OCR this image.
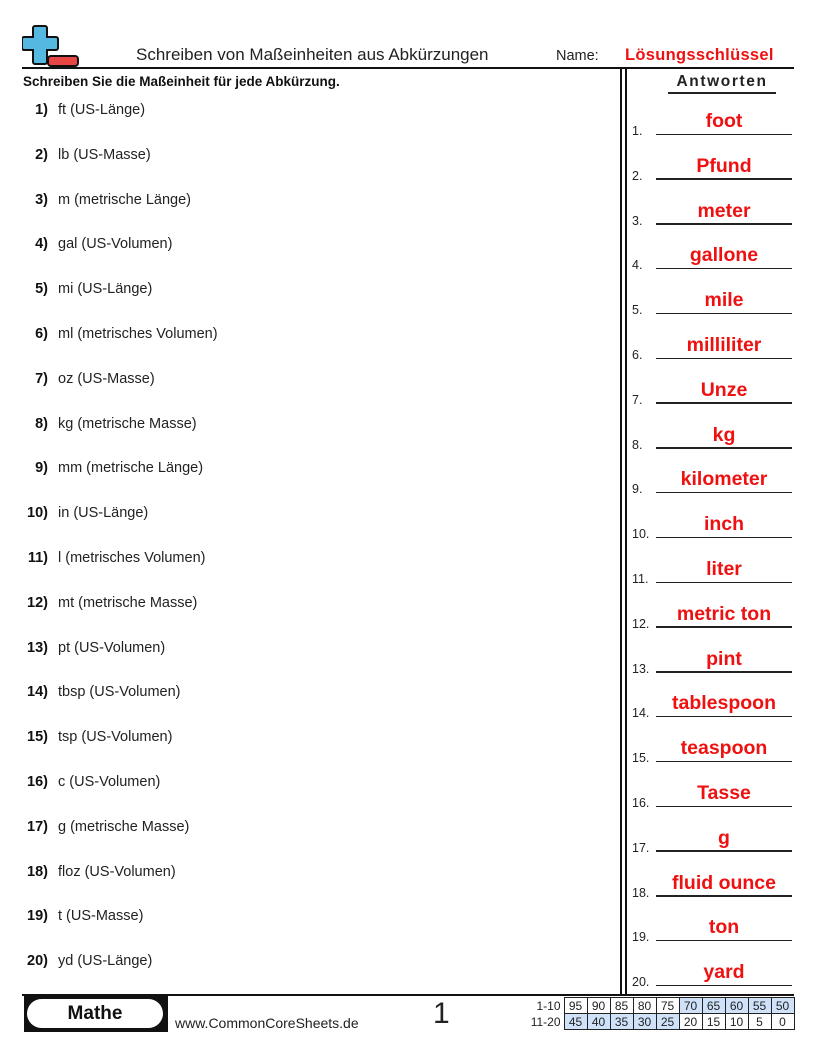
Schreiben von Maßeinheiten aus Abkürzungen	Name: Lösungsschlüssel
Schreiben Sie die Maßeinheit für jede Abkürzung.	Antworten
1) ft (US-Länge)
2) lb (US-Masse)
3) m (metrische Länge)
4) gal (US-Volumen)
5) mi (US-Länge)
6) ml (metrisches Volumen)
7) oz (US-Masse)
8) kg (metrische Masse)
9) mm (metrische Länge)
10) in (US-Länge)
11) l (metrisches Volumen)
12) mt (metrische Masse)
13) pt (US-Volumen)
14) tbsp (US-Volumen)
15) tsp (US-Volumen)
16) c (US-Volumen)
17) g (metrische Masse)
18) floz (US-Volumen)
19) t (US-Masse)
20) yd (US-Länge)
1.	foot
2.	Pfund
3.	meter
4.	gallone
5.	mile
6.	milliliter
7.	Unze
8.	kg
9.	kilometer
10.	inch
11.	liter
12.	metric ton
13.	pint
14.	tablespoon
15.	teaspoon
16.	Tasse
17.	g
18.	fluid ounce
19.	ton
20.	yard
Mathe	www.CommonCoreSheets.de 1	1-10	95	90	85	80	75	70	65	60	55	50
11-20	45	40	35	30	25	20	15	10	5	0
